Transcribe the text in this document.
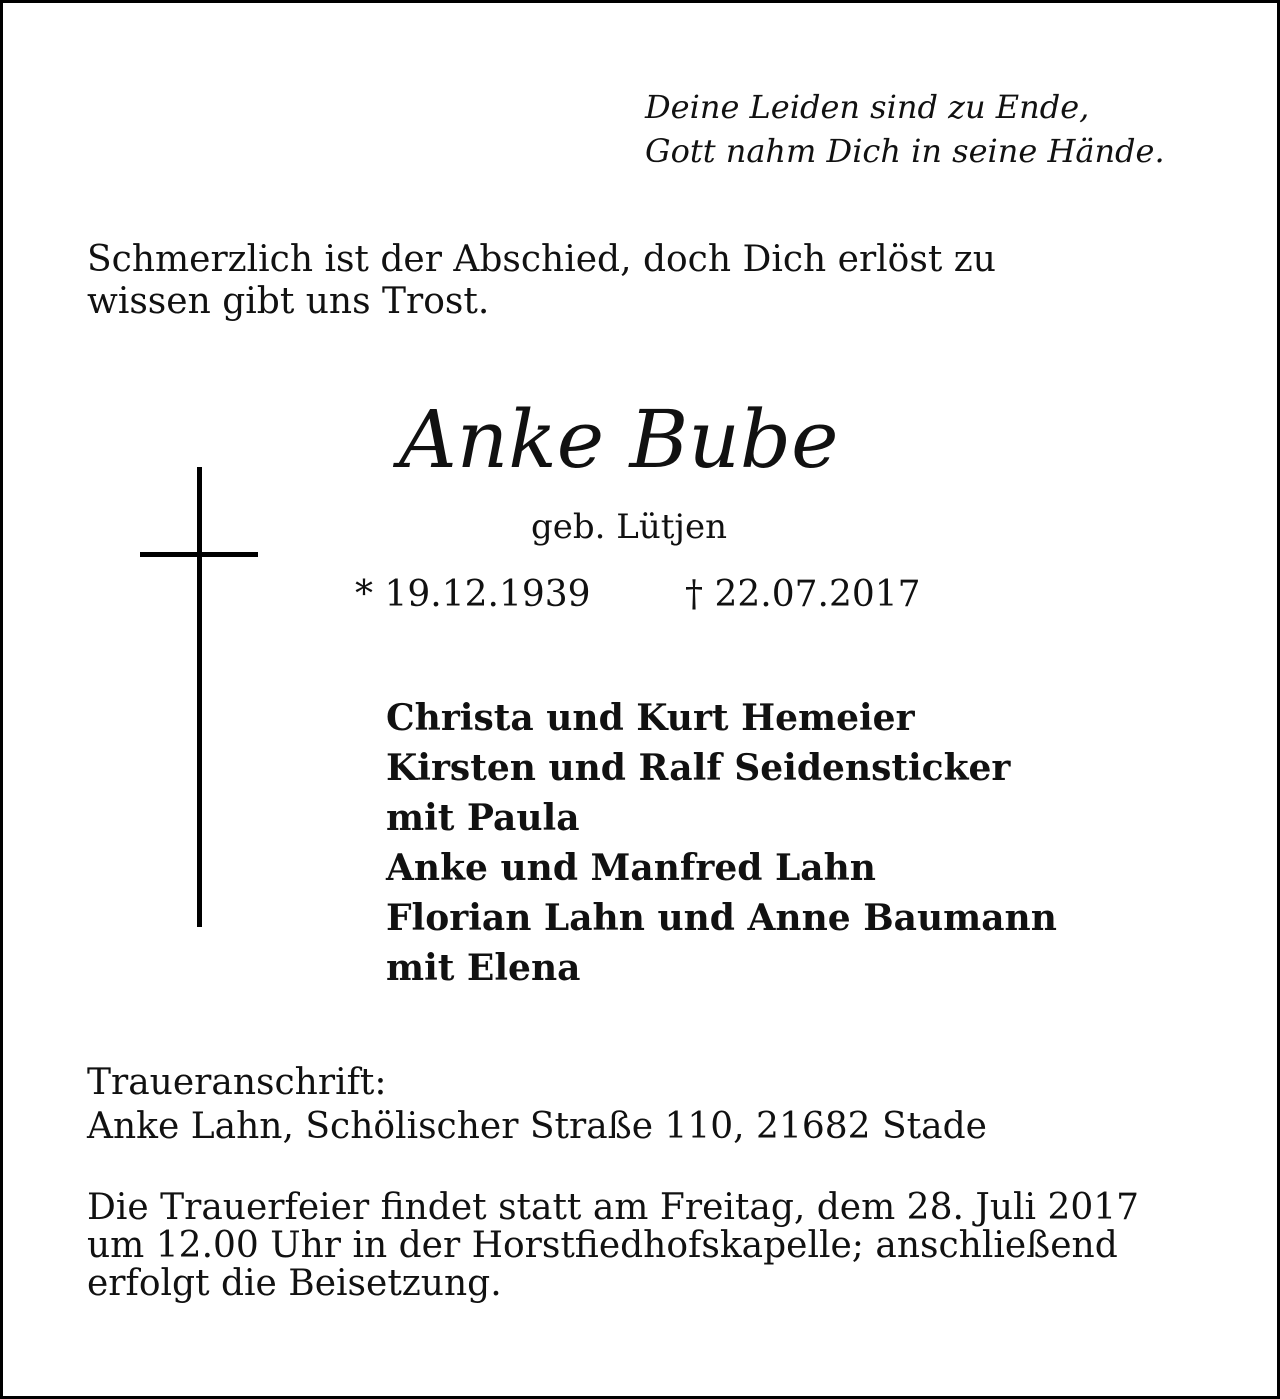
Deine Leiden sind zu Ende,
Gott nahm Dich in seine Hände.
Schmerzlich ist der Abschied, doch Dich erlöst zu
wissen gibt uns Trost.
Anke Bube
geb. Lütjen
* 19.12.1939	† 22.07.2017
Christa und Kurt Hemeier
Kirsten und Ralf Seidensticker
mit Paula
Anke und Manfred Lahn
Florian Lahn und Anne Baumann
mit Elena
Traueranschrift:
Anke Lahn, Schölischer Straße 110, 21682 Stade
Die Trauerfeier findet statt am Freitag, dem 28. Juli 2017
um 12.00 Uhr in der Horstfiedhofskapelle; anschließend
erfolgt die Beisetzung.
